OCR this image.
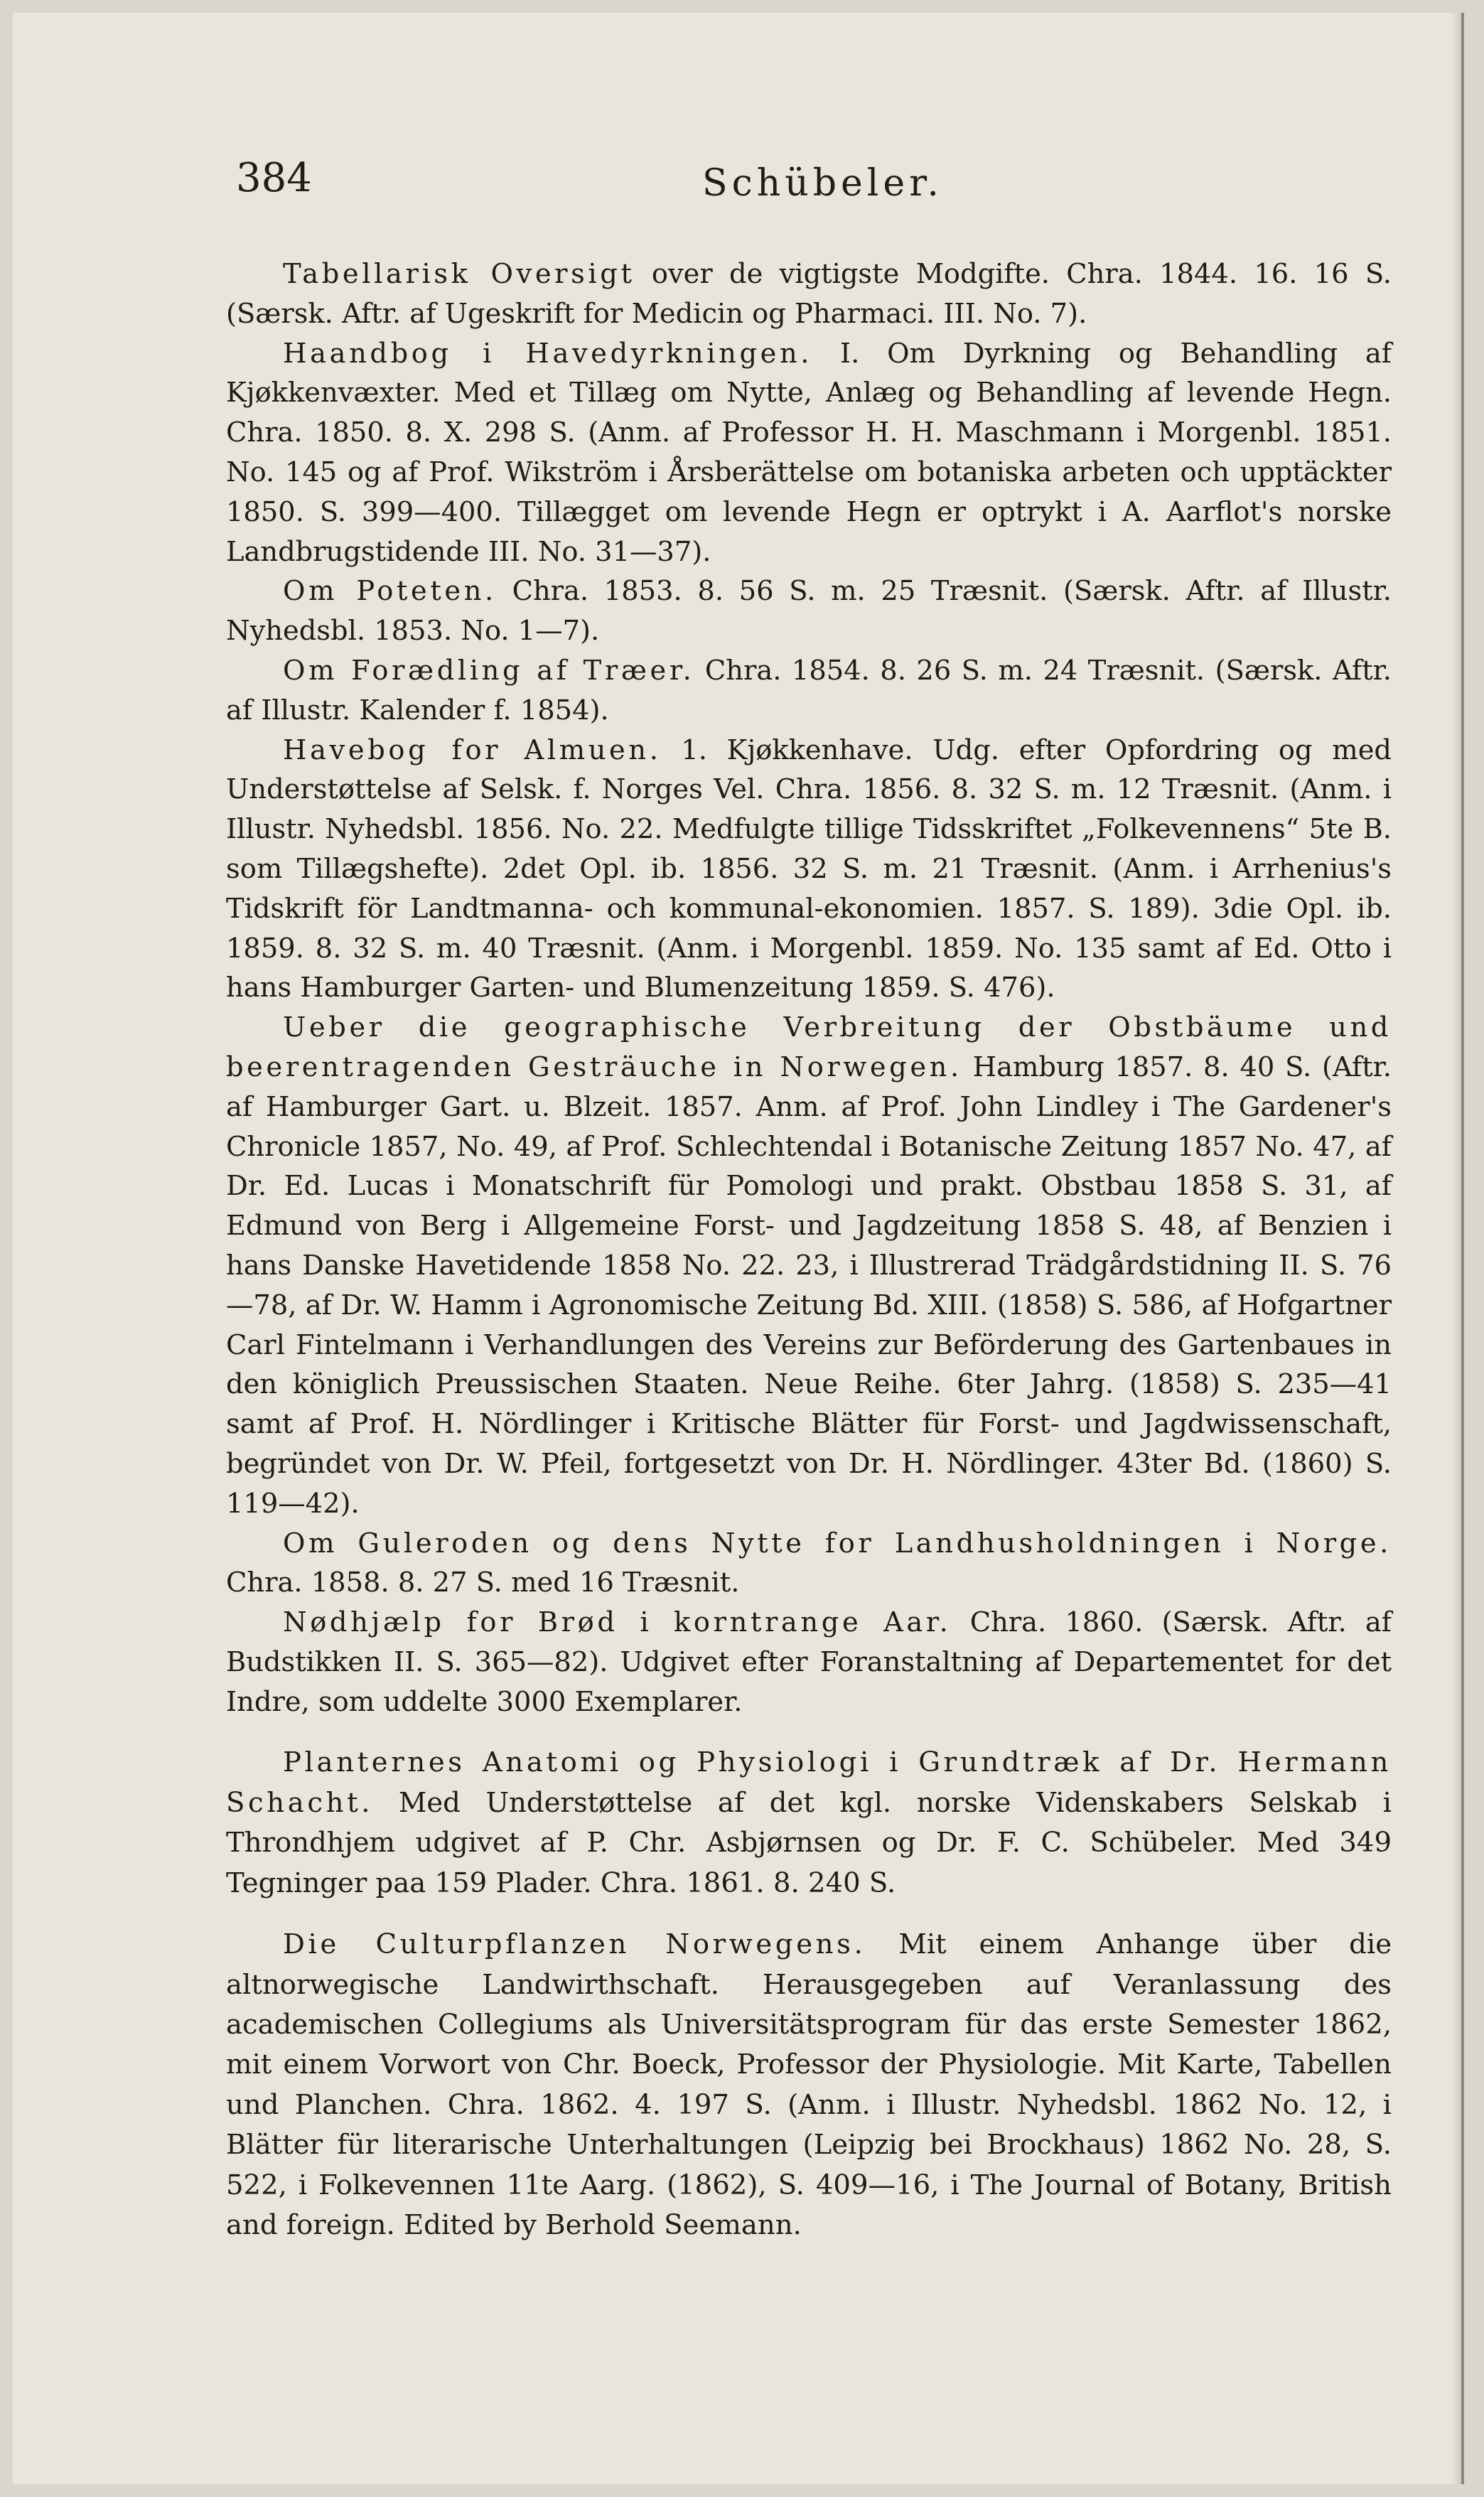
384	Schübeler.

Tabellarisk Oversigt over de vigtigste Modgifte. Chra. 1844. 16. 16 S. (Særsk. Aftr. af Ugeskrift for Medicin og Pharmaci. III. No. 7).

Haandbog i Havedyrkningen. I. Om Dyrkning og Behandling af Kjøkkenvæxter. Med et Tillæg om Nytte, Anlæg og Behandling af levende Hegn. Chra. 1850. 8. X. 298 S. (Anm. af Professor H. H. Maschmann i Morgenbl. 1851. No. 145 og af Prof. Wikström i Årsberättelse om botaniska arbeten och upptäckter 1850. S. 399—400. Tillægget om levende Hegn er optrykt i A. Aarflot's norske Landbrugstidende III. No. 31—37).

Om Poteten. Chra. 1853. 8. 56 S. m. 25 Træsnit. (Særsk. Aftr. af Illustr. Nyhedsbl. 1853. No. 1—7).

Om Forædling af Træer. Chra. 1854. 8. 26 S. m. 24 Træsnit. (Særsk. Aftr. af Illustr. Kalender f. 1854).

Havebog for Almuen. 1. Kjøkkenhave. Udg. efter Opfordring og med Understøttelse af Selsk. f. Norges Vel. Chra. 1856. 8. 32 S. m. 12 Træsnit. (Anm. i Illustr. Nyhedsbl. 1856. No. 22. Medfulgte tillige Tidsskriftet „Folkevennens“ 5te B. som Tillægshefte). 2det Opl. ib. 1856. 32 S. m. 21 Træsnit. (Anm. i Arrhenius's Tidskrift för Landtmanna- och kommunal-ekonomien. 1857. S. 189). 3die Opl. ib. 1859. 8. 32 S. m. 40 Træsnit. (Anm. i Morgenbl. 1859. No. 135 samt af Ed. Otto i hans Hamburger Garten- und Blumenzeitung 1859. S. 476).

Ueber die geographische Verbreitung der Obstbäume und beerentragenden Gesträuche in Norwegen. Hamburg 1857. 8. 40 S. (Aftr. af Hamburger Gart. u. Blzeit. 1857. Anm. af Prof. John Lindley i The Gardener's Chronicle 1857, No. 49, af Prof. Schlechtendal i Botanische Zeitung 1857 No. 47, af Dr. Ed. Lucas i Monatschrift für Pomologi und prakt. Obstbau 1858 S. 31, af Edmund von Berg i Allgemeine Forst- und Jagdzeitung 1858 S. 48, af Benzien i hans Danske Havetidende 1858 No. 22. 23, i Illustrerad Trädgårdstidning II. S. 76—78, af Dr. W. Hamm i Agronomische Zeitung Bd. XIII. (1858) S. 586, af Hofgartner Carl Fintelmann i Verhandlungen des Vereins zur Beförderung des Gartenbaues in den königlich Preussischen Staaten. Neue Reihe. 6ter Jahrg. (1858) S. 235—41 samt af Prof. H. Nördlinger i Kritische Blätter für Forst- und Jagdwissenschaft, begründet von Dr. W. Pfeil, fortgesetzt von Dr. H. Nördlinger. 43ter Bd. (1860) S. 119—42).

Om Guleroden og dens Nytte for Landhusholdningen i Norge. Chra. 1858. 8. 27 S. med 16 Træsnit.

Nødhjælp for Brød i korntrange Aar. Chra. 1860. (Særsk. Aftr. af Budstikken II. S. 365—82). Udgivet efter Foranstaltning af Departementet for det Indre, som uddelte 3000 Exemplarer.

Planternes Anatomi og Physiologi i Grundtræk af Dr. Hermann Schacht. Med Understøttelse af det kgl. norske Videnskabers Selskab i Throndhjem udgivet af P. Chr. Asbjørnsen og Dr. F. C. Schübeler. Med 349 Tegninger paa 159 Plader. Chra. 1861. 8. 240 S.

Die Culturpflanzen Norwegens. Mit einem Anhange über die altnorwegische Landwirthschaft. Herausgegeben auf Veranlassung des academischen Collegiums als Universitätsprogram für das erste Semester 1862, mit einem Vorwort von Chr. Boeck, Professor der Physiologie. Mit Karte, Tabellen und Planchen. Chra. 1862. 4. 197 S. (Anm. i Illustr. Nyhedsbl. 1862 No. 12, i Blätter für literarische Unterhaltungen (Leipzig bei Brockhaus) 1862 No. 28, S. 522, i Folkevennen 11te Aarg. (1862), S. 409—16, i The Journal of Botany, British and foreign. Edited by Berhold Seemann.
